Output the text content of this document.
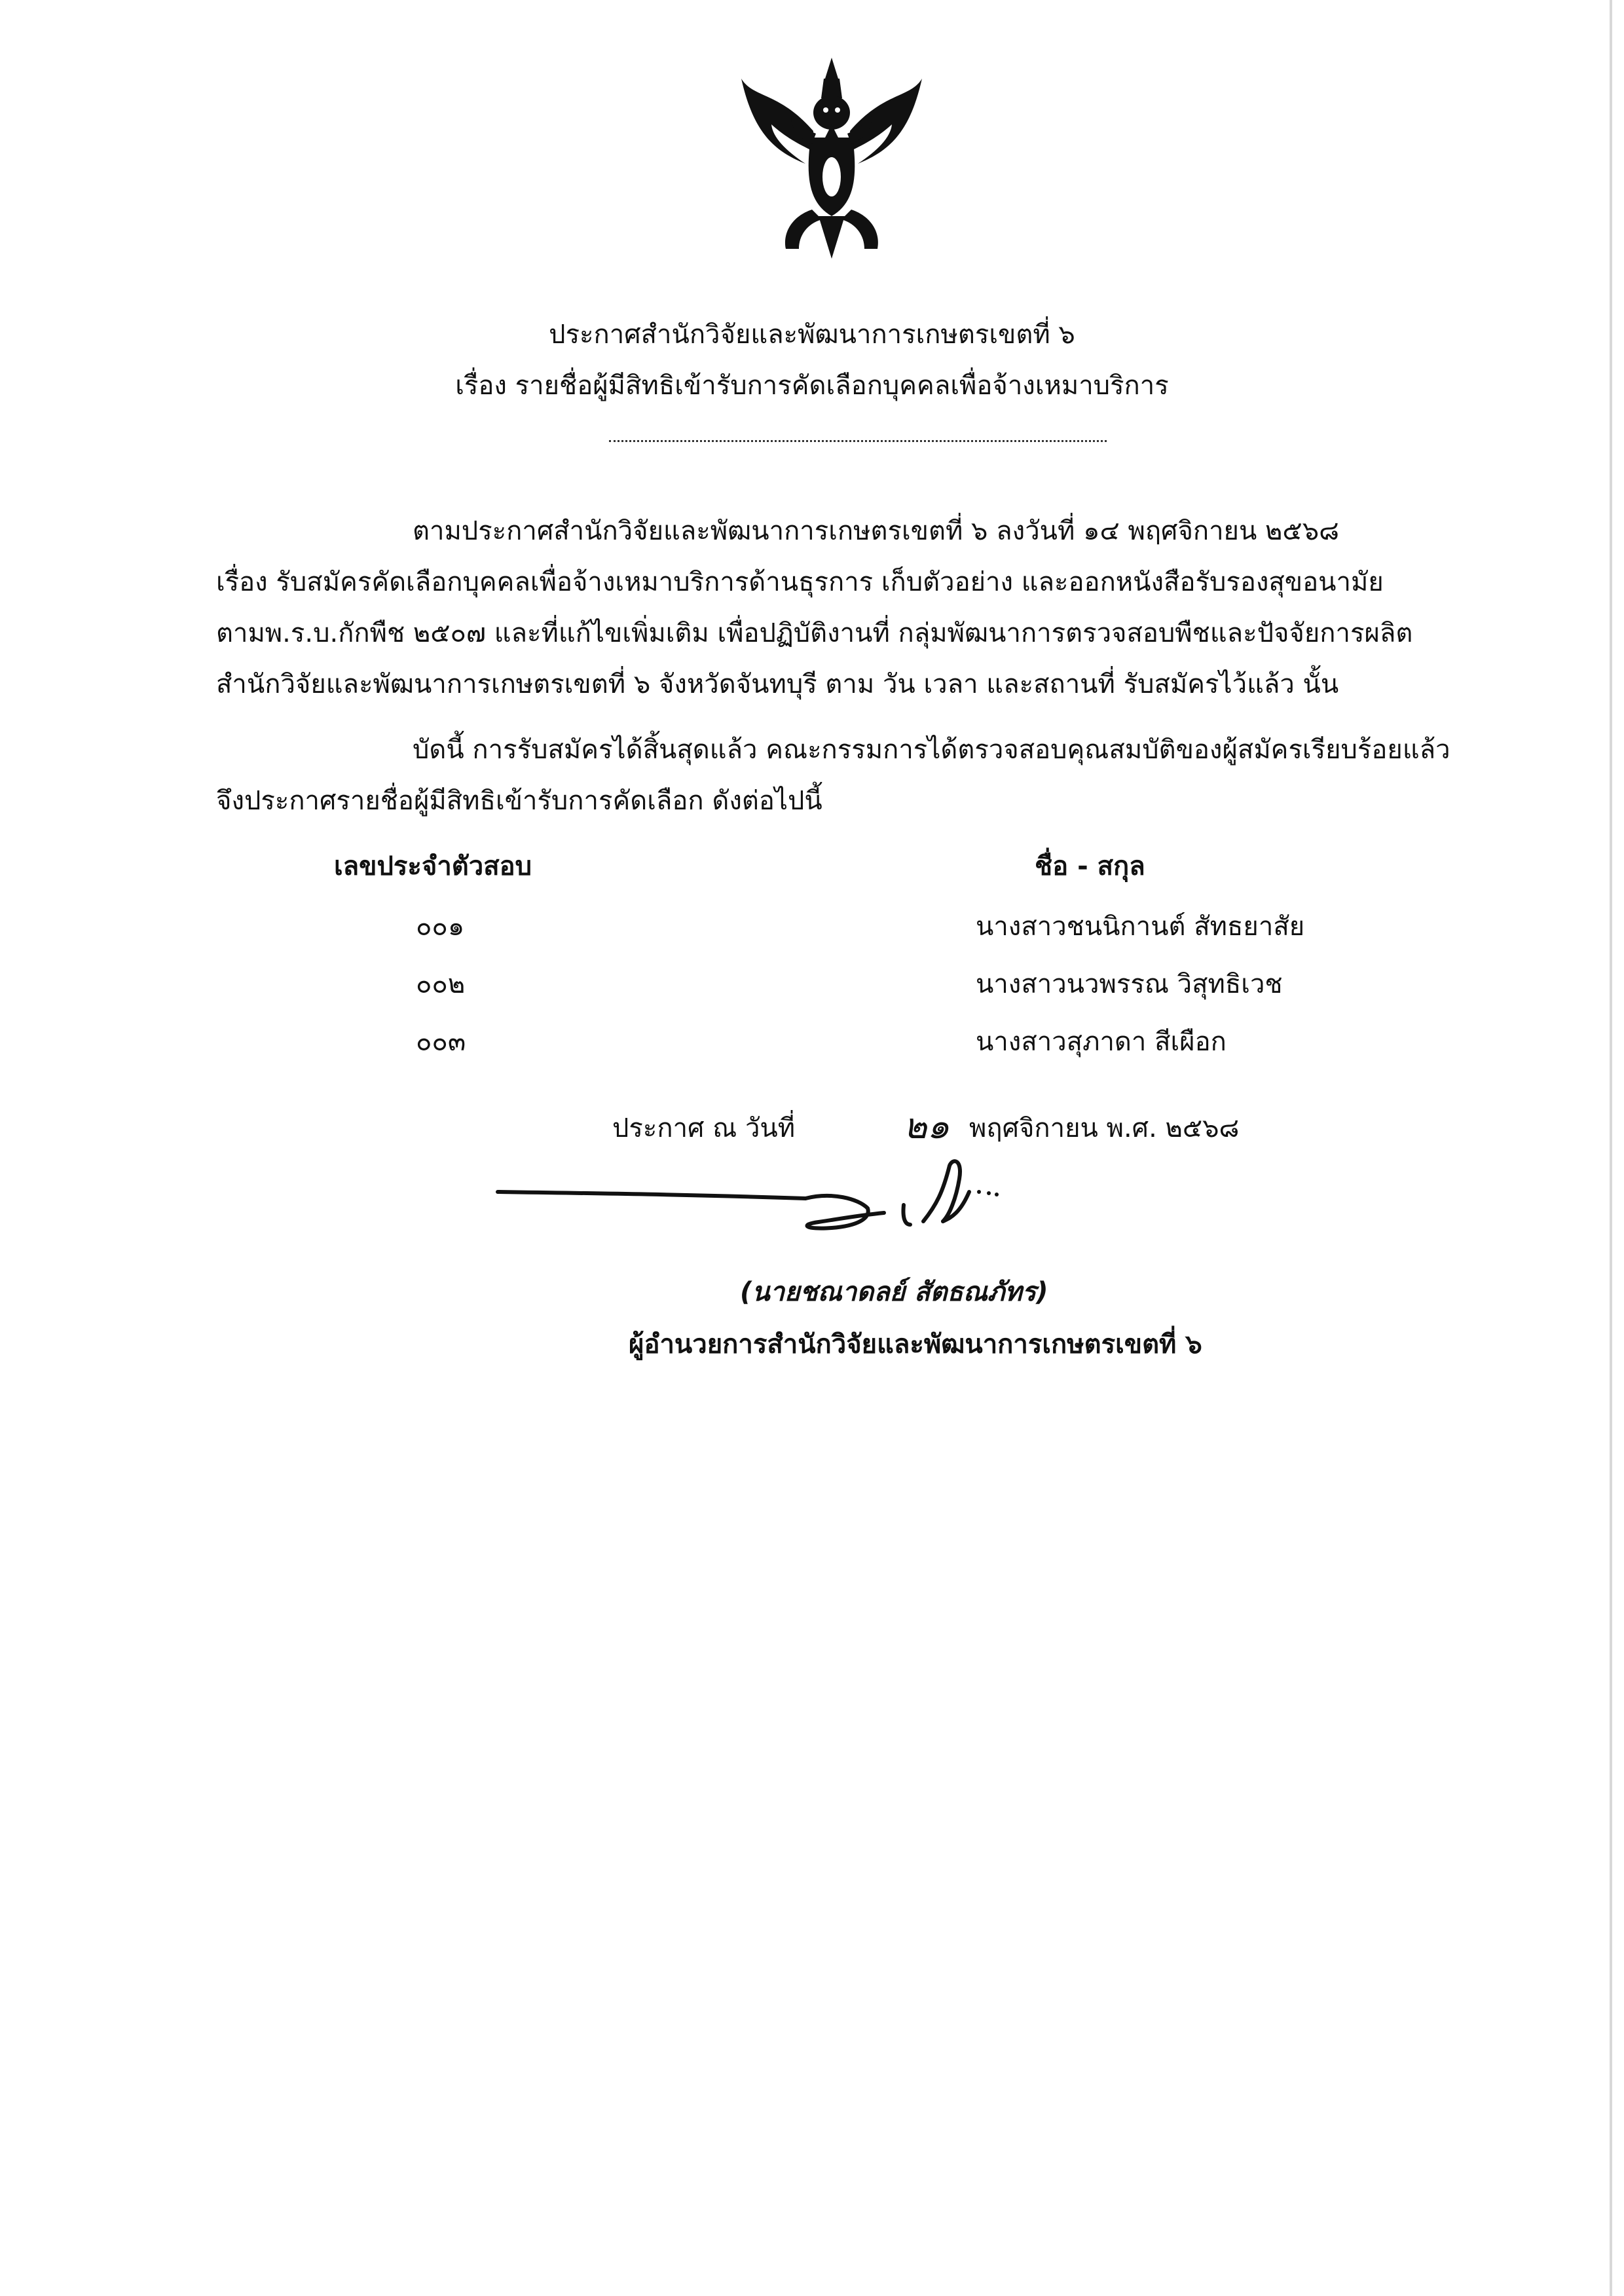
ประกาศสำนักวิจัยและพัฒนาการเกษตรเขตที่ ๖
เรื่อง รายชื่อผู้มีสิทธิเข้ารับการคัดเลือกบุคคลเพื่อจ้างเหมาบริการ
ตามประกาศสำนักวิจัยและพัฒนาการเกษตรเขตที่ ๖ ลงวันที่ ๑๔ พฤศจิกายน ๒๕๖๘
เรื่อง รับสมัครคัดเลือกบุคคลเพื่อจ้างเหมาบริการด้านธุรการ เก็บตัวอย่าง และออกหนังสือรับรองสุขอนามัย
ตามพ.ร.บ.กักพืช ๒๕๐๗ และที่แก้ไขเพิ่มเติม เพื่อปฏิบัติงานที่ กลุ่มพัฒนาการตรวจสอบพืชและปัจจัยการผลิต
สำนักวิจัยและพัฒนาการเกษตรเขตที่ ๖ จังหวัดจันทบุรี ตาม วัน เวลา และสถานที่ รับสมัครไว้แล้ว นั้น
บัดนี้ การรับสมัครได้สิ้นสุดแล้ว คณะกรรมการได้ตรวจสอบคุณสมบัติของผู้สมัครเรียบร้อยแล้ว
จึงประกาศรายชื่อผู้มีสิทธิเข้ารับการคัดเลือก ดังต่อไปนี้
เลขประจำตัวสอบ	ชื่อ - สกุล
๐๐๑	นางสาวชนนิกานต์ สัทธยาสัย
๐๐๒	นางสาวนวพรรณ วิสุทธิเวช
๐๐๓	นางสาวสุภาดา สีเผือก
ประกาศ ณ วันที่	๒๑ พฤศจิกายน พ.ศ. ๒๕๖๘
(นายชณาดลย์ สัตธณภัทร)
ผู้อำนวยการสำนักวิจัยและพัฒนาการเกษตรเขตที่ ๖
